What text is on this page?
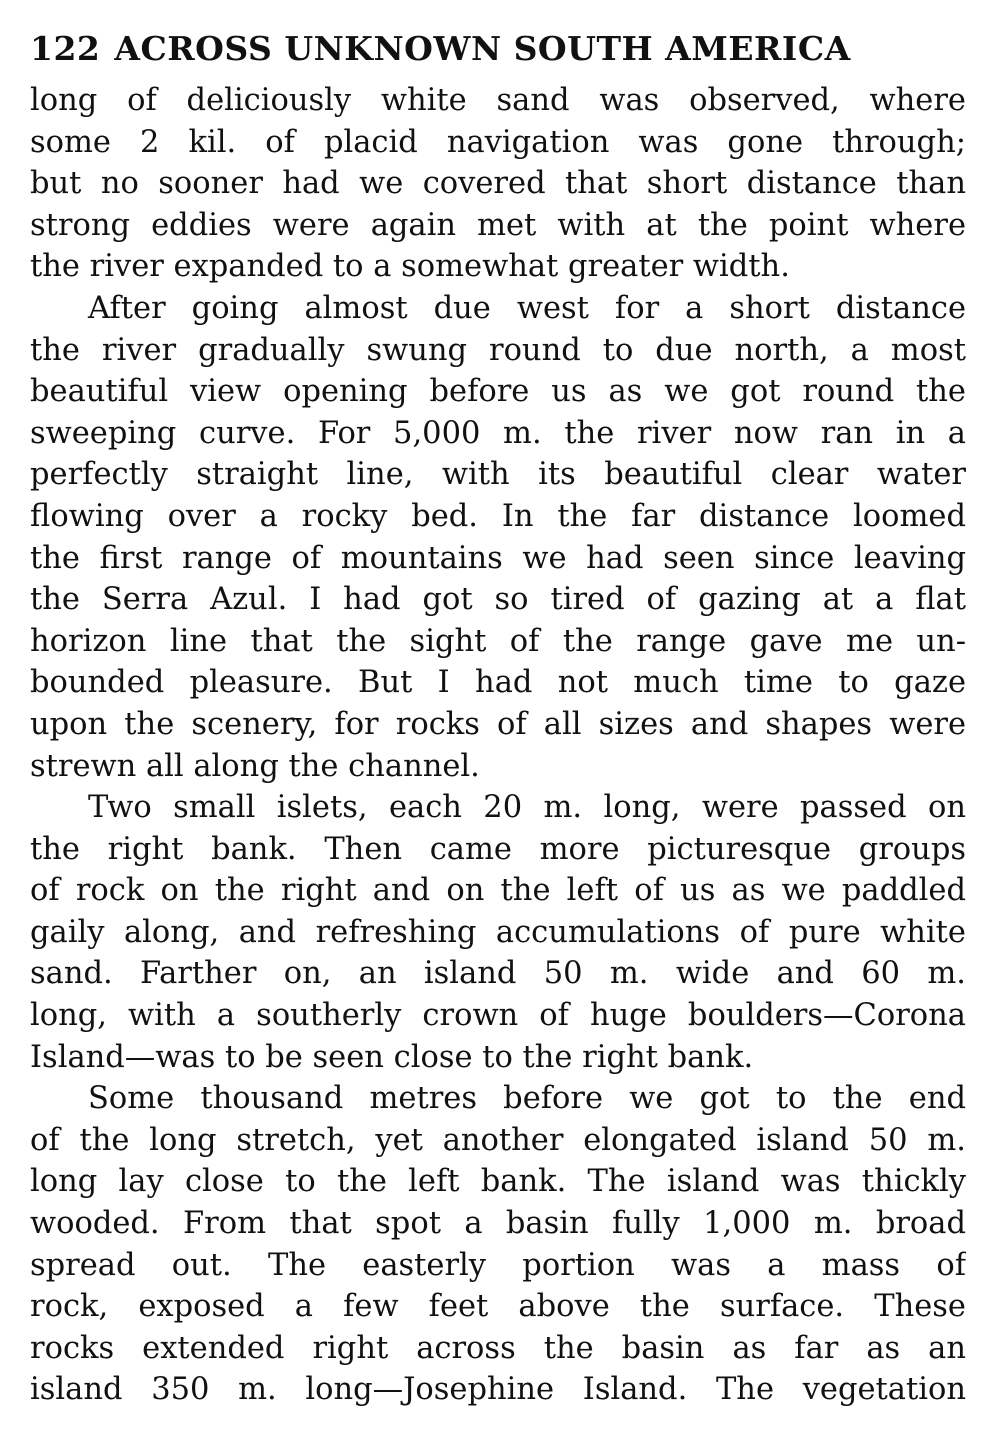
122 ACROSS UNKNOWN SOUTH AMERICA
long of deliciously white sand was observed, where
some 2 kil. of placid navigation was gone through;
but no sooner had we covered that short distance than
strong eddies were again met with at the point where
the river expanded to a somewhat greater width.
After going almost due west for a short distance
the river gradually swung round to due north, a most
beautiful view opening before us as we got round the
sweeping curve. For 5,000 m. the river now ran in a
perfectly straight line, with its beautiful clear water
flowing over a rocky bed. In the far distance loomed
the first range of mountains we had seen since leaving
the Serra Azul. I had got so tired of gazing at a flat
horizon line that the sight of the range gave me un-
bounded pleasure. But I had not much time to gaze
upon the scenery, for rocks of all sizes and shapes were
strewn all along the channel.
Two small islets, each 20 m. long, were passed on
the right bank. Then came more picturesque groups
of rock on the right and on the left of us as we paddled
gaily along, and refreshing accumulations of pure white
sand. Farther on, an island 50 m. wide and 60 m.
long, with a southerly crown of huge boulders—Corona
Island—was to be seen close to the right bank.
Some thousand metres before we got to the end
of the long stretch, yet another elongated island 50 m.
long lay close to the left bank. The island was thickly
wooded. From that spot a basin fully 1,000 m. broad
spread out. The easterly portion was a mass of
rock, exposed a few feet above the surface. These
rocks extended right across the basin as far as an
island 350 m. long—Josephine Island. The vegetation
